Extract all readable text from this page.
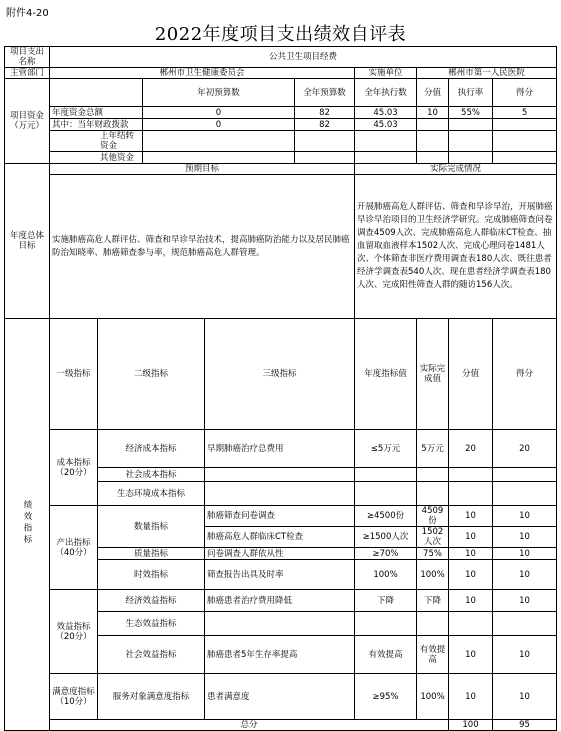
附件4-20
2022年度项目支出绩效自评表
项目支出名称	公共卫生项目经费									
主管部门	郴州市卫生健康委员会					实施单位	郴州市第一人民医院			
项目资金（万元）			年初预算数		全年预算数	全年执行数	分值	执行率	得分	
	年度资金总额		0		82	45.03	10	55%	5	
	其中：当年财政拨款		0		82	45.03				
	上年结转资金									
	其他资金									
年度总体目标	预期目标					实际完成情况				
	实施肺癌高危人群评估、筛查和早诊早治技术，提高肺癌防治能力以及居民肺癌防治知晓率、肺癌筛查参与率，规范肺癌高危人群管理。					开展肺癌高危人群评估、筛查和早诊早治，开展肺癌早诊早治项目的卫生经济学研究。完成肺癌筛查问卷调查4509人次、完成肺癌高危人群临床CT检查、抽血留取血液样本1502人次、完成心理问卷1481人次、个体筛查非医疗费用调查表180人次、既往患者经济学调查表540人次、现在患者经济学调查表180人次、完成阳性筛查人群的随访156人次。				
绩效指标	一级指标	二级指标		三级指标		年度指标值	实际完成值	分值	得分	
	成本指标（20分）	经济成本指标		早期肺癌治疗总费用		≤5万元	5万元	20	20	
		社会成本指标								
		生态环境成本指标								
	产出指标（40分）	数量指标		肺癌筛查问卷调查		≥4500份	4509份	10	10	
				肺癌高危人群临床CT检查		≥1500人次	1502人次	10	10	
		质量指标		问卷调查人群依从性		≥70%	75%	10	10	
		时效指标		筛查报告出具及时率		100%	100%	10	10	
	效益指标（20分）	经济效益指标		肺癌患者治疗费用降低		下降	下降	10	10	
		生态效益指标								
		社会效益指标		肺癌患者5年生存率提高		有效提高	有效提高	10	10	
	满意度指标（10分）	服务对象满意度指标		患者满意度		≥95%	100%	10	10	
	总分							100	95	
